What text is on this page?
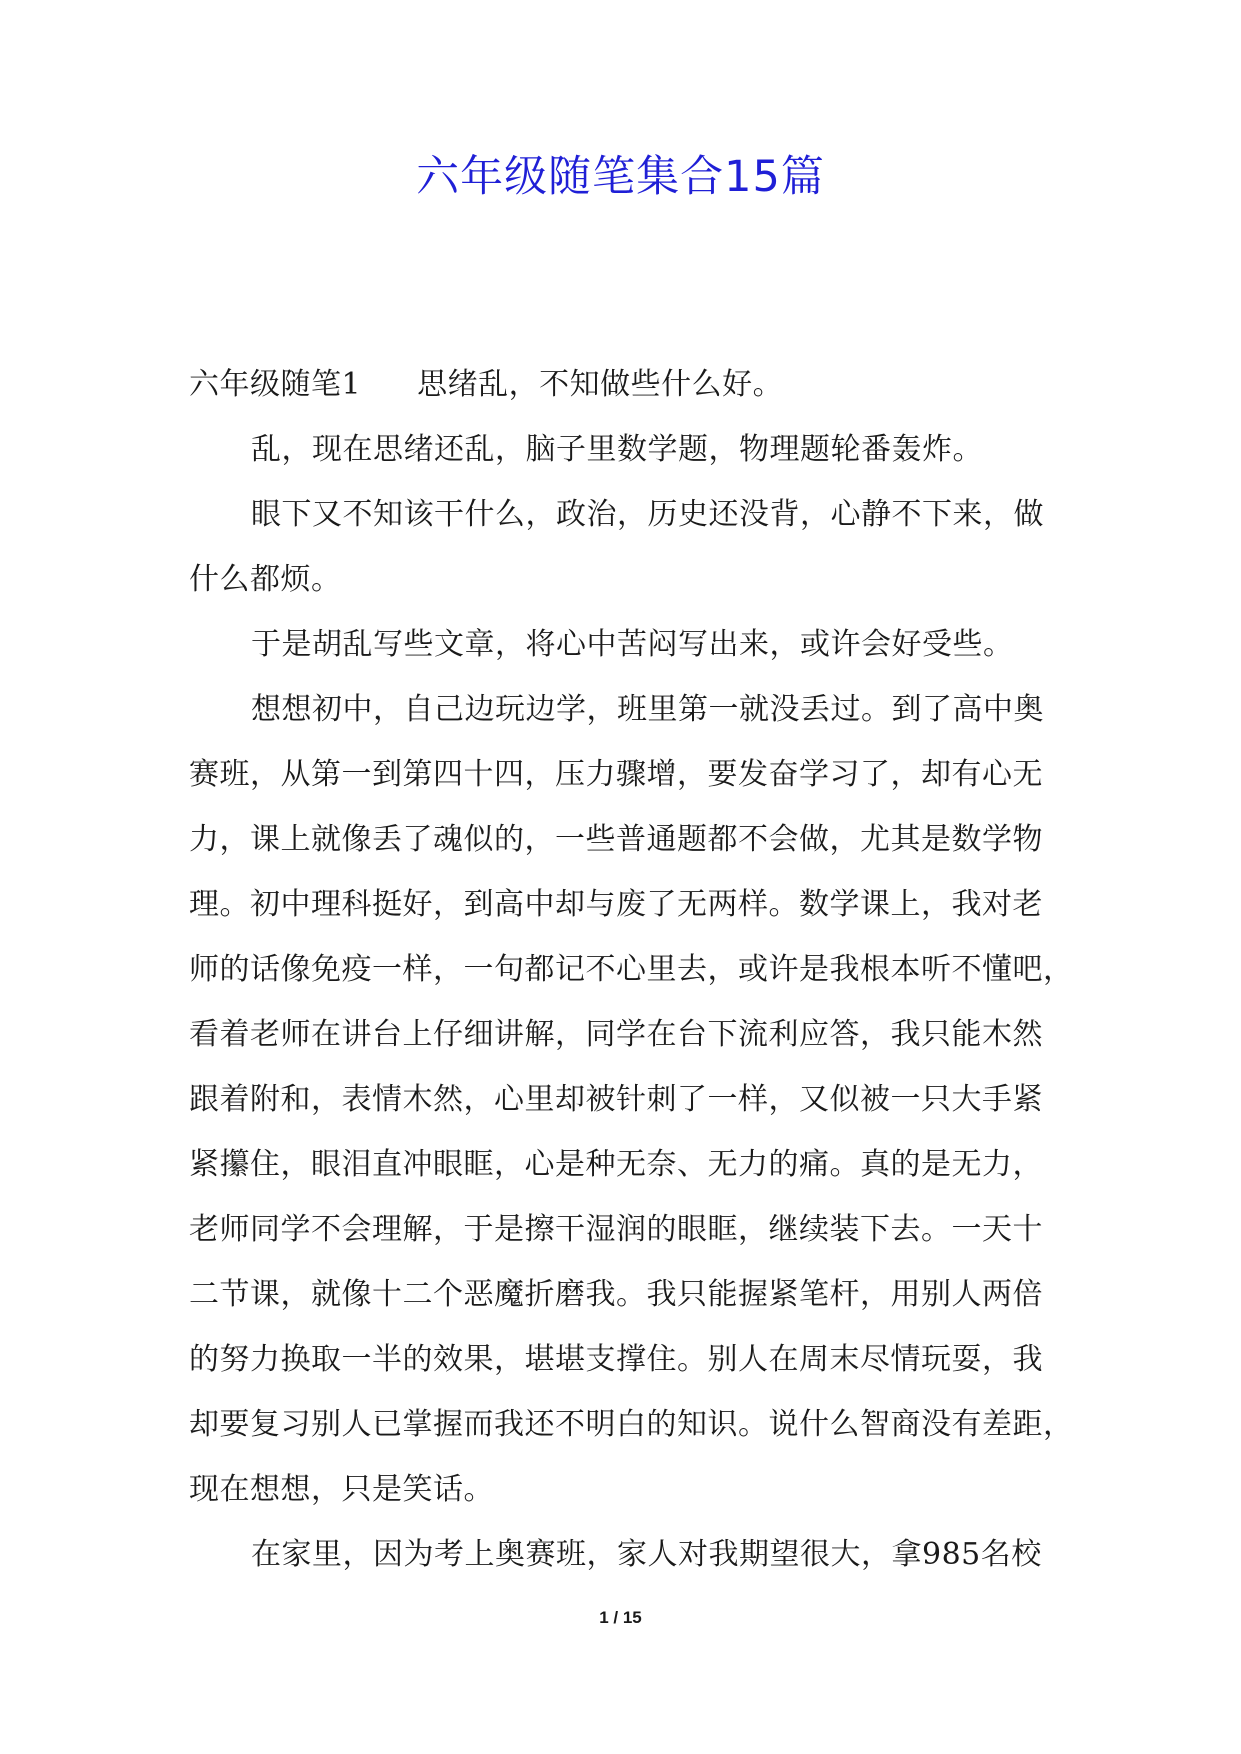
六年级随笔集合15篇
六年级随笔1 思绪乱，不知做些什么好。
乱，现在思绪还乱，脑子里数学题，物理题轮番轰炸。
眼下又不知该干什么，政治，历史还没背，心静不下来，做
什么都烦。
于是胡乱写些文章，将心中苦闷写出来，或许会好受些。
想想初中，自己边玩边学，班里第一就没丢过。到了高中奥
赛班，从第一到第四十四，压力骤增，要发奋学习了，却有心无
力，课上就像丢了魂似的，一些普通题都不会做，尤其是数学物
理。初中理科挺好，到高中却与废了无两样。数学课上，我对老
师的话像免疫一样，一句都记不心里去，或许是我根本听不懂吧，
看着老师在讲台上仔细讲解，同学在台下流利应答，我只能木然
跟着附和，表情木然，心里却被针刺了一样，又似被一只大手紧
紧攥住，眼泪直冲眼眶，心是种无奈、无力的痛。真的是无力，
老师同学不会理解，于是擦干湿润的眼眶，继续装下去。一天十
二节课，就像十二个恶魔折磨我。我只能握紧笔杆，用别人两倍
的努力换取一半的效果，堪堪支撑住。别人在周末尽情玩耍，我
却要复习别人已掌握而我还不明白的知识。说什么智商没有差距，
现在想想，只是笑话。
在家里，因为考上奥赛班，家人对我期望很大，拿985名校
1 / 15
